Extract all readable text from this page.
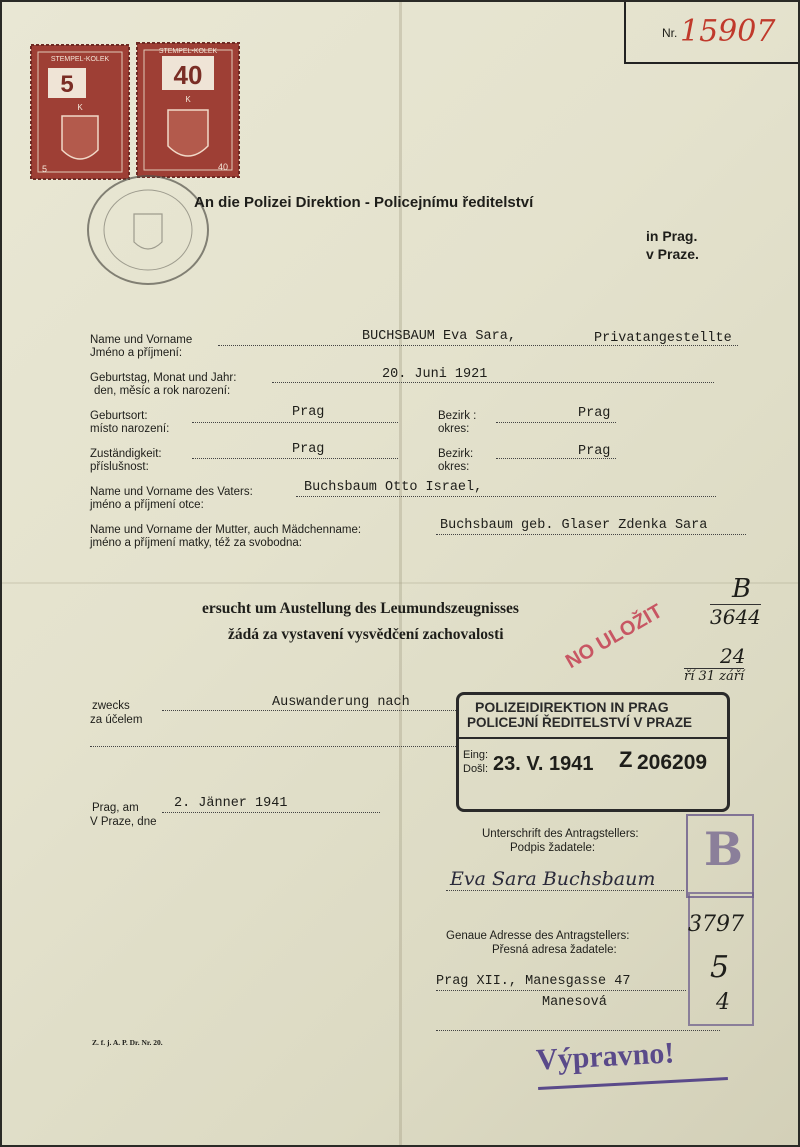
Nr. 15907
5
STEMPEL-KOLEK
K
5
40
STEMPEL-KOLEK
K
40
An die Polizei Direktion - Policejnímu ředitelství
in Prag.
v Praze.
Name und Vorname
Jméno a příjmení:
BUCHSBAUM Eva Sara,	Privatangestellte
Geburtstag, Monat und Jahr:
den, měsíc a rok narození:
20. Juni 1921
Geburtsort:
místo narození:
Prag	Bezirk :
okres:
Prag
Zuständigkeit:
příslušnost:
Prag	Bezirk:
okres:
Prag
Name und Vorname des Vaters:
jméno a příjmení otce:
Buchsbaum Otto Israel,
Name und Vorname der Mutter, auch Mädchenname:
jméno a příjmení matky, též za svobodna:
Buchsbaum geb. Glaser Zdenka Sara
ersucht um Austellung des Leumundszeugnisses
žádá za vystavení vysvědčení zachovalosti
zwecks
za účelem
Auswanderung nach	POLIZEIDIREKTION IN PRAG
POLICEJNÍ ŘEDITELSTVÍ V PRAZE
Eing:
Došl: 23. V. 1941 Z 206209
NO ULOŽIT
Prag, am
V Praze, dne
2. Jänner 1941
Unterschrift des Antragstellers:
Podpis žadatele:
Eva Sara Buchsbaum
Genaue Adresse des Antragstellers:
Přesná adresa žadatele:
Prag XII., Manesgasse 47
Manesová
Z. f. j. A. P. Dr. Nr. 20.	Výpravno!
B
3644
24
ří 31 září
B
3797
5
4
